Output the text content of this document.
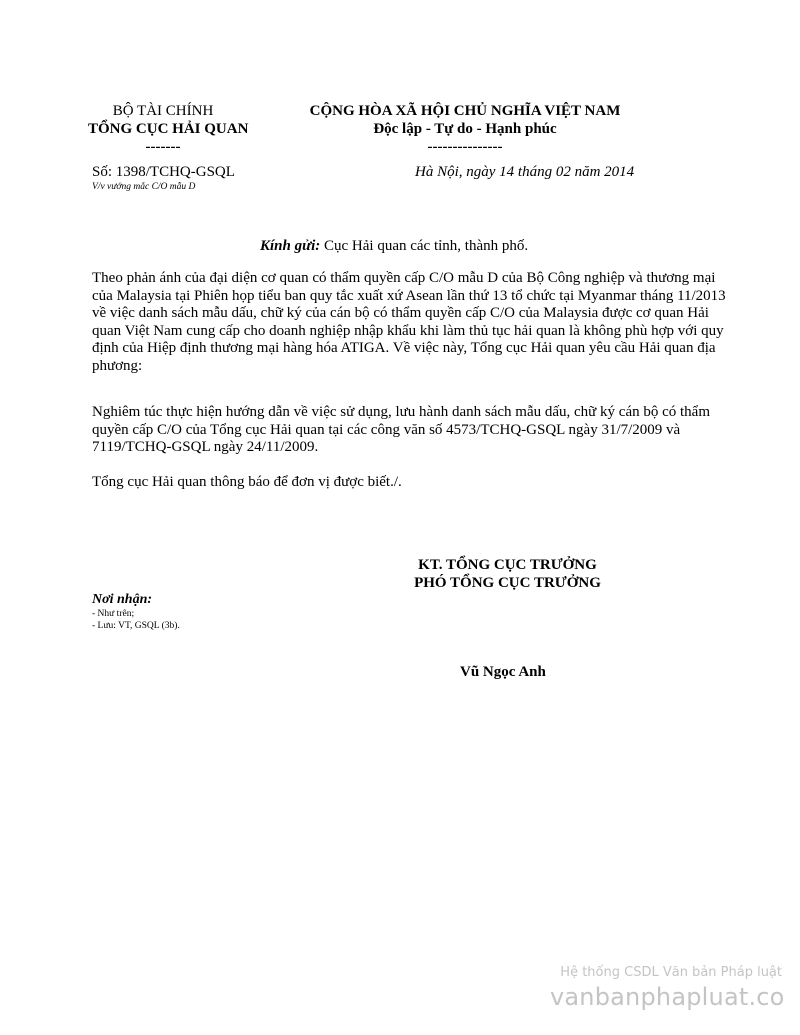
BỘ TÀI CHÍNH
TỔNG CỤC HẢI QUAN
-------
CỘNG HÒA XÃ HỘI CHỦ NGHĨA VIỆT NAM
Độc lập - Tự do - Hạnh phúc
---------------
Số: 1398/TCHQ-GSQL
V/v vướng mắc C/O mẫu D
Hà Nội, ngày 14 tháng 02 năm 2014
Kính gửi: Cục Hải quan các tỉnh, thành phố.
Theo phản ánh của đại diện cơ quan có thẩm quyền cấp C/O mẫu D của Bộ Công nghiệp và thương mại của Malaysia tại Phiên họp tiểu ban quy tắc xuất xứ Asean lần thứ 13 tổ chức tại Myanmar tháng 11/2013 về việc danh sách mẫu dấu, chữ ký của cán bộ có thẩm quyền cấp C/O của Malaysia được cơ quan Hải quan Việt Nam cung cấp cho doanh nghiệp nhập khẩu khi làm thủ tục hải quan là không phù hợp với quy định của Hiệp định thương mại hàng hóa ATIGA. Về việc này, Tổng cục Hải quan yêu cầu Hải quan địa phương:
Nghiêm túc thực hiện hướng dẫn về việc sử dụng, lưu hành danh sách mẫu dấu, chữ ký cán bộ có thẩm quyền cấp C/O của Tổng cục Hải quan tại các công văn số 4573/TCHQ-GSQL ngày 31/7/2009 và 7119/TCHQ-GSQL ngày 24/11/2009.
Tổng cục Hải quan thông báo để đơn vị được biết./.
KT. TỔNG CỤC TRƯỞNG
PHÓ TỔNG CỤC TRƯỞNG
Vũ Ngọc Anh
Nơi nhận:
- Như trên;
- Lưu: VT, GSQL (3b).
Hệ thống CSDL Văn bản Pháp luật
vanbanphapluat.co
